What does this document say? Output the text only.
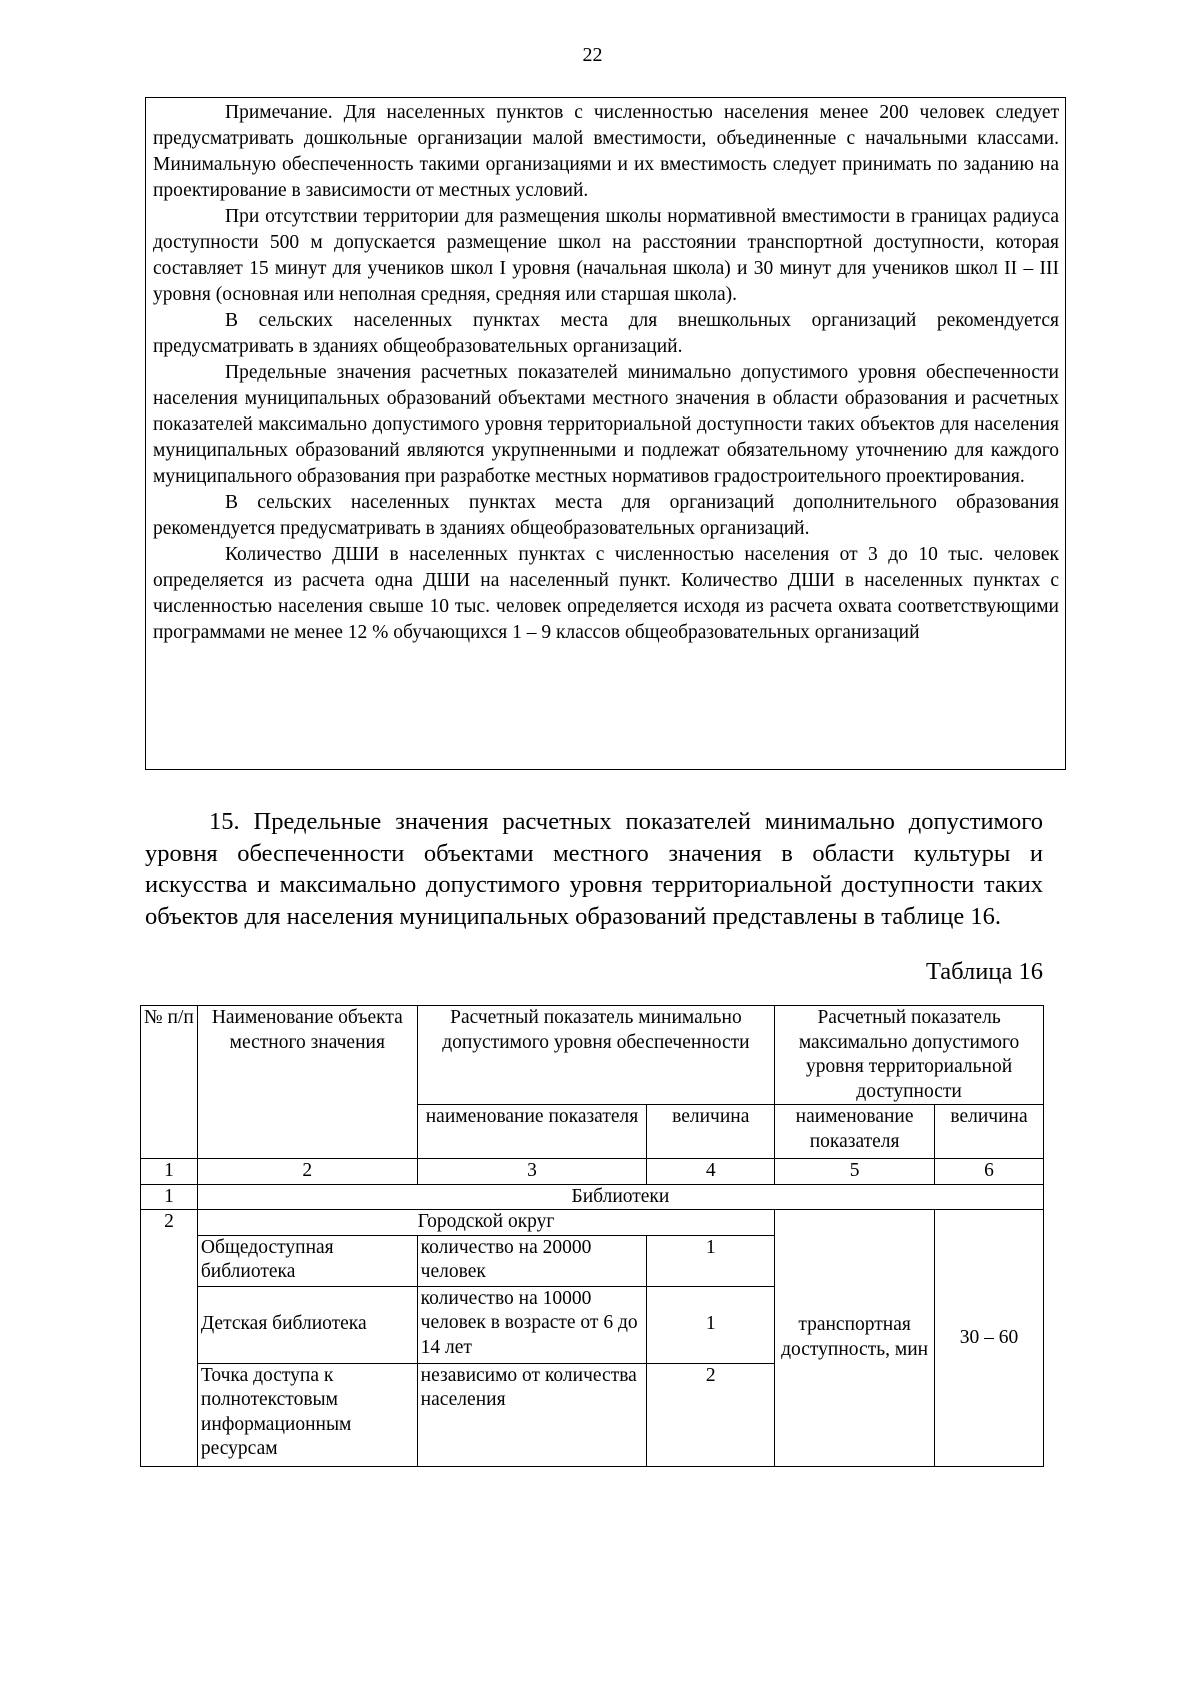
22

Примечание. Для населенных пунктов с численностью населения менее 200 человек следует предусматривать дошкольные организации малой вместимости, объединенные с начальными классами. Минимальную обеспеченность такими организациями и их вместимость следует принимать по заданию на проектирование в зависимости от местных условий.

При отсутствии территории для размещения школы нормативной вместимости в границах радиуса доступности 500 м допускается размещение школ на расстоянии транспортной доступности, которая составляет 15 минут для учеников школ I уровня (начальная школа) и 30 минут для учеников школ II – III уровня (основная или неполная средняя, средняя или старшая школа).

В сельских населенных пунктах места для внешкольных организаций рекомендуется предусматривать в зданиях общеобразовательных организаций.

Предельные значения расчетных показателей минимально допустимого уровня обеспеченности населения муниципальных образований объектами местного значения в области образования и расчетных показателей максимально допустимого уровня территориальной доступности таких объектов для населения муниципальных образований являются укрупненными и подлежат обязательному уточнению для каждого муниципального образования при разработке местных нормативов градостроительного проектирования.

В сельских населенных пунктах места для организаций дополнительного образования рекомендуется предусматривать в зданиях общеобразовательных организаций.

Количество ДШИ в населенных пунктах с численностью населения от 3 до 10 тыс. человек определяется из расчета одна ДШИ на населенный пункт. Количество ДШИ в населенных пунктах с численностью населения свыше 10 тыс. человек определяется исходя из расчета охвата соответствующими программами не менее 12 % обучающихся 1 – 9 классов общеобразовательных организаций

15. Предельные значения расчетных показателей минимально допустимого уровня обеспеченности объектами местного значения в области культуры и искусства и максимально допустимого уровня территориальной доступности таких объектов для населения муниципальных образований представлены в таблице 16.

Таблица 16
№ п/п	Наименование объекта местного значения	Расчетный показатель минимально допустимого уровня обеспеченности		Расчетный показатель максимально допустимого уровня территориальной доступности	
		наименование показателя	величина	наименование показателя	величина
1	2	3	4	5	6
1	Библиотеки				
2	Городской округ			транспортная доступность, мин	30 – 60
	Общедоступная библиотека	количество на 20000 человек	1		
	Детская библиотека	количество на 10000 человек в возрасте от 6 до 14 лет	1		
	Точка доступа к полнотекстовым информационным ресурсам	независимо от количества населения	2		
